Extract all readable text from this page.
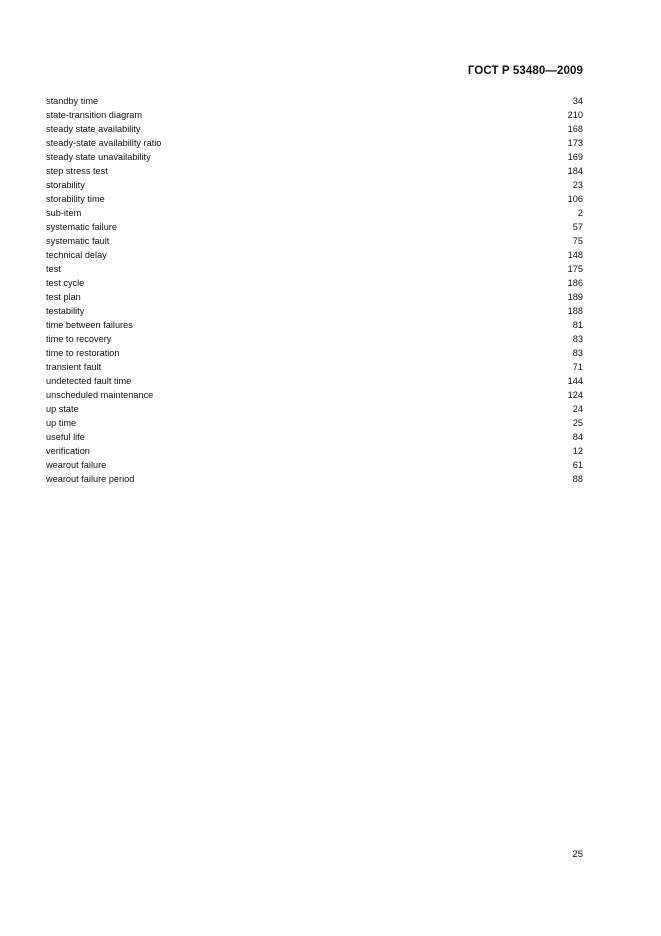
ГОСТ Р 53480—2009
standby time	34
state-transition diagram	210
steady state availability	168
steady-state availability ratio	173
steady state unavailability	169
step stress test	184
storability	23
storability time	106
sub-item	2
systematic failure	57
systematic fault	75
technical delay	148
test	175
test cycle	186
test plan	189
testability	188
time between failures	81
time to recovery	83
time to restoration	83
transient fault	71
undetected fault time	144
unscheduled maintenance	124
up state	24
up time	25
useful life	84
verification	12
wearout failure	61
wearout failure period	88
25
